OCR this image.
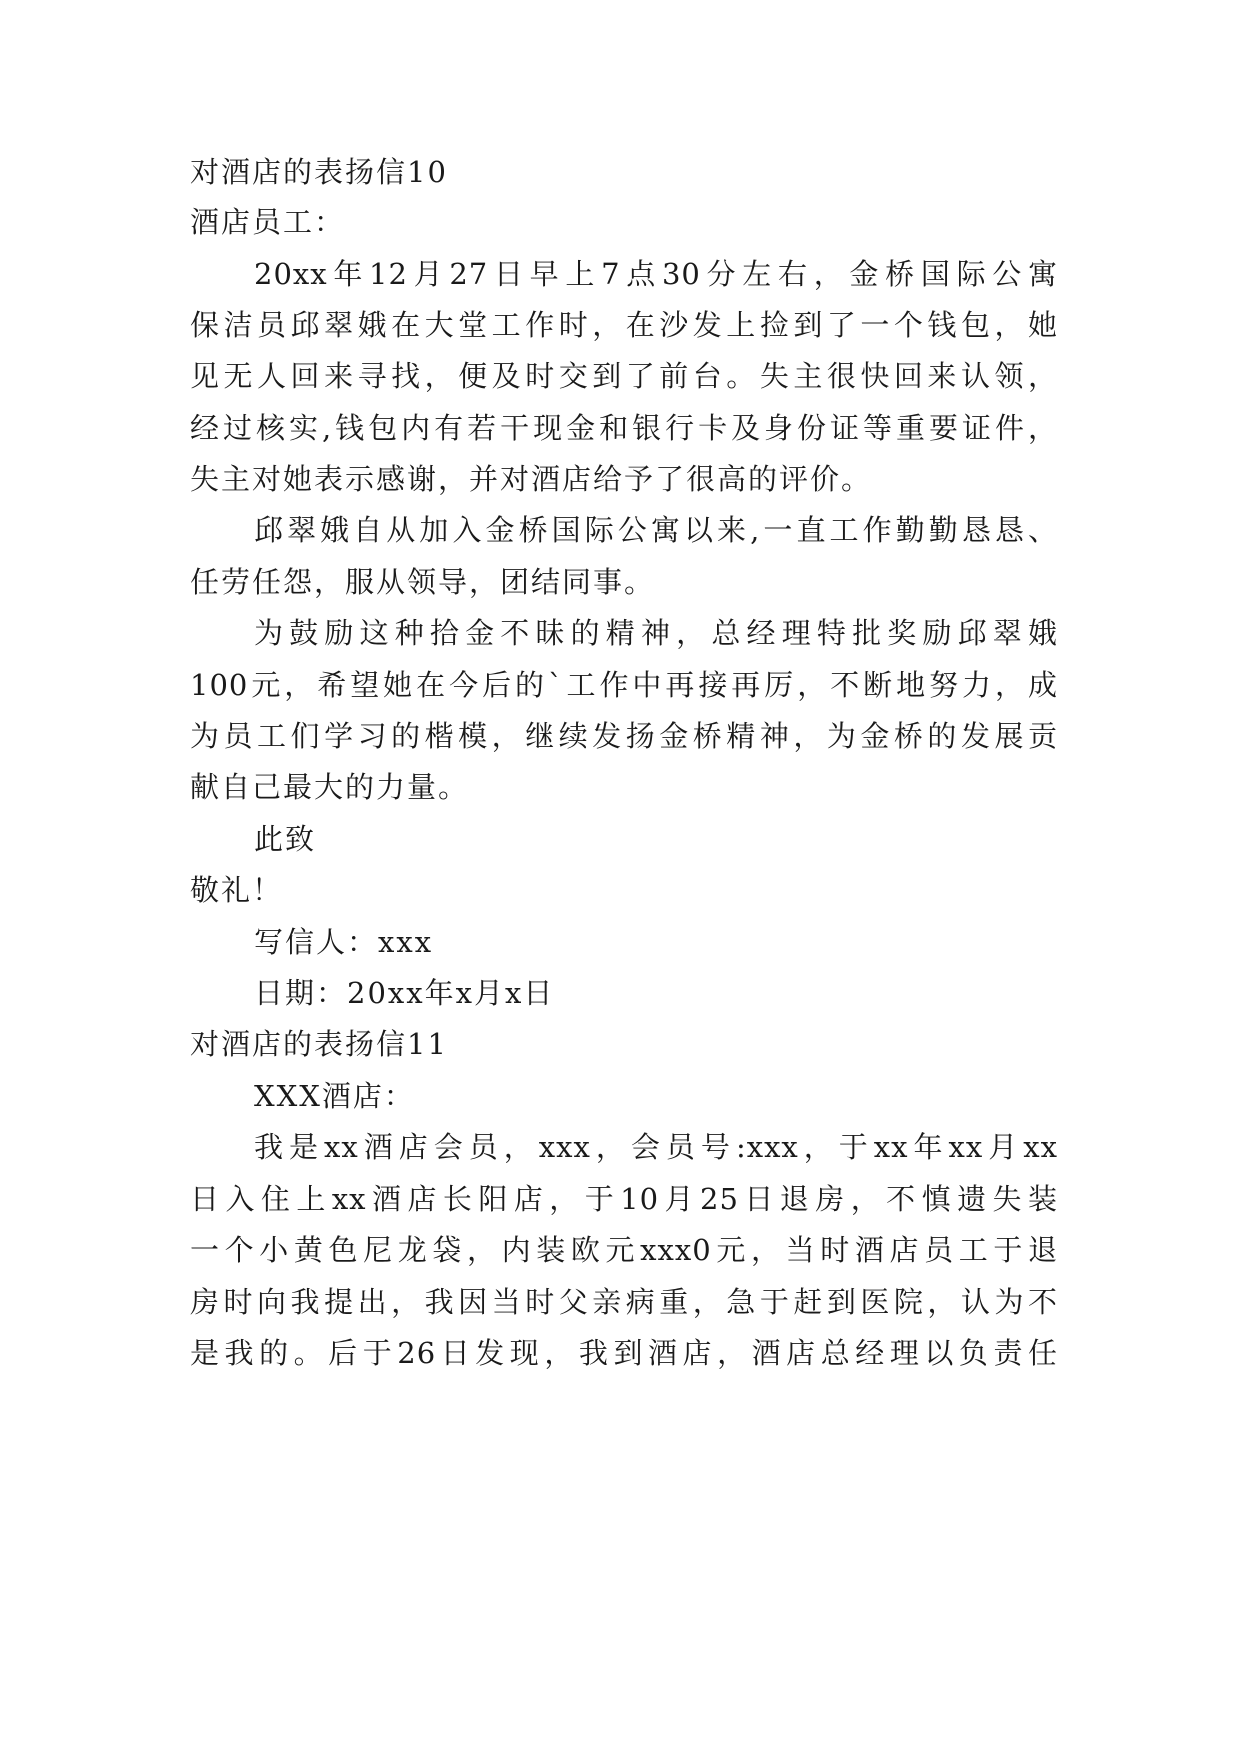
对酒店的表扬信10
酒店员工：
20xx年12月27日早上7点30分左右，金桥国际公寓
保洁员邱翠娥在大堂工作时，在沙发上捡到了一个钱包，她
见无人回来寻找，便及时交到了前台。失主很快回来认领，
经过核实,钱包内有若干现金和银行卡及身份证等重要证件，
失主对她表示感谢，并对酒店给予了很高的评价。
邱翠娥自从加入金桥国际公寓以来,一直工作勤勤恳恳、
任劳任怨，服从领导，团结同事。
为鼓励这种拾金不昧的精神，总经理特批奖励邱翠娥
100元，希望她在今后的`工作中再接再厉，不断地努力，成
为员工们学习的楷模，继续发扬金桥精神，为金桥的发展贡
献自己最大的力量。
此致
敬礼！
写信人：xxx
日期：20xx年x月x日
对酒店的表扬信11
XXX酒店：
我是xx酒店会员，xxx，会员号:xxx，于xx年xx月xx
日入住上xx酒店长阳店，于10月25日退房，不慎遗失装
一个小黄色尼龙袋，内装欧元xxx0元，当时酒店员工于退
房时向我提出，我因当时父亲病重，急于赶到医院，认为不
是我的。后于26日发现，我到酒店，酒店总经理以负责任
